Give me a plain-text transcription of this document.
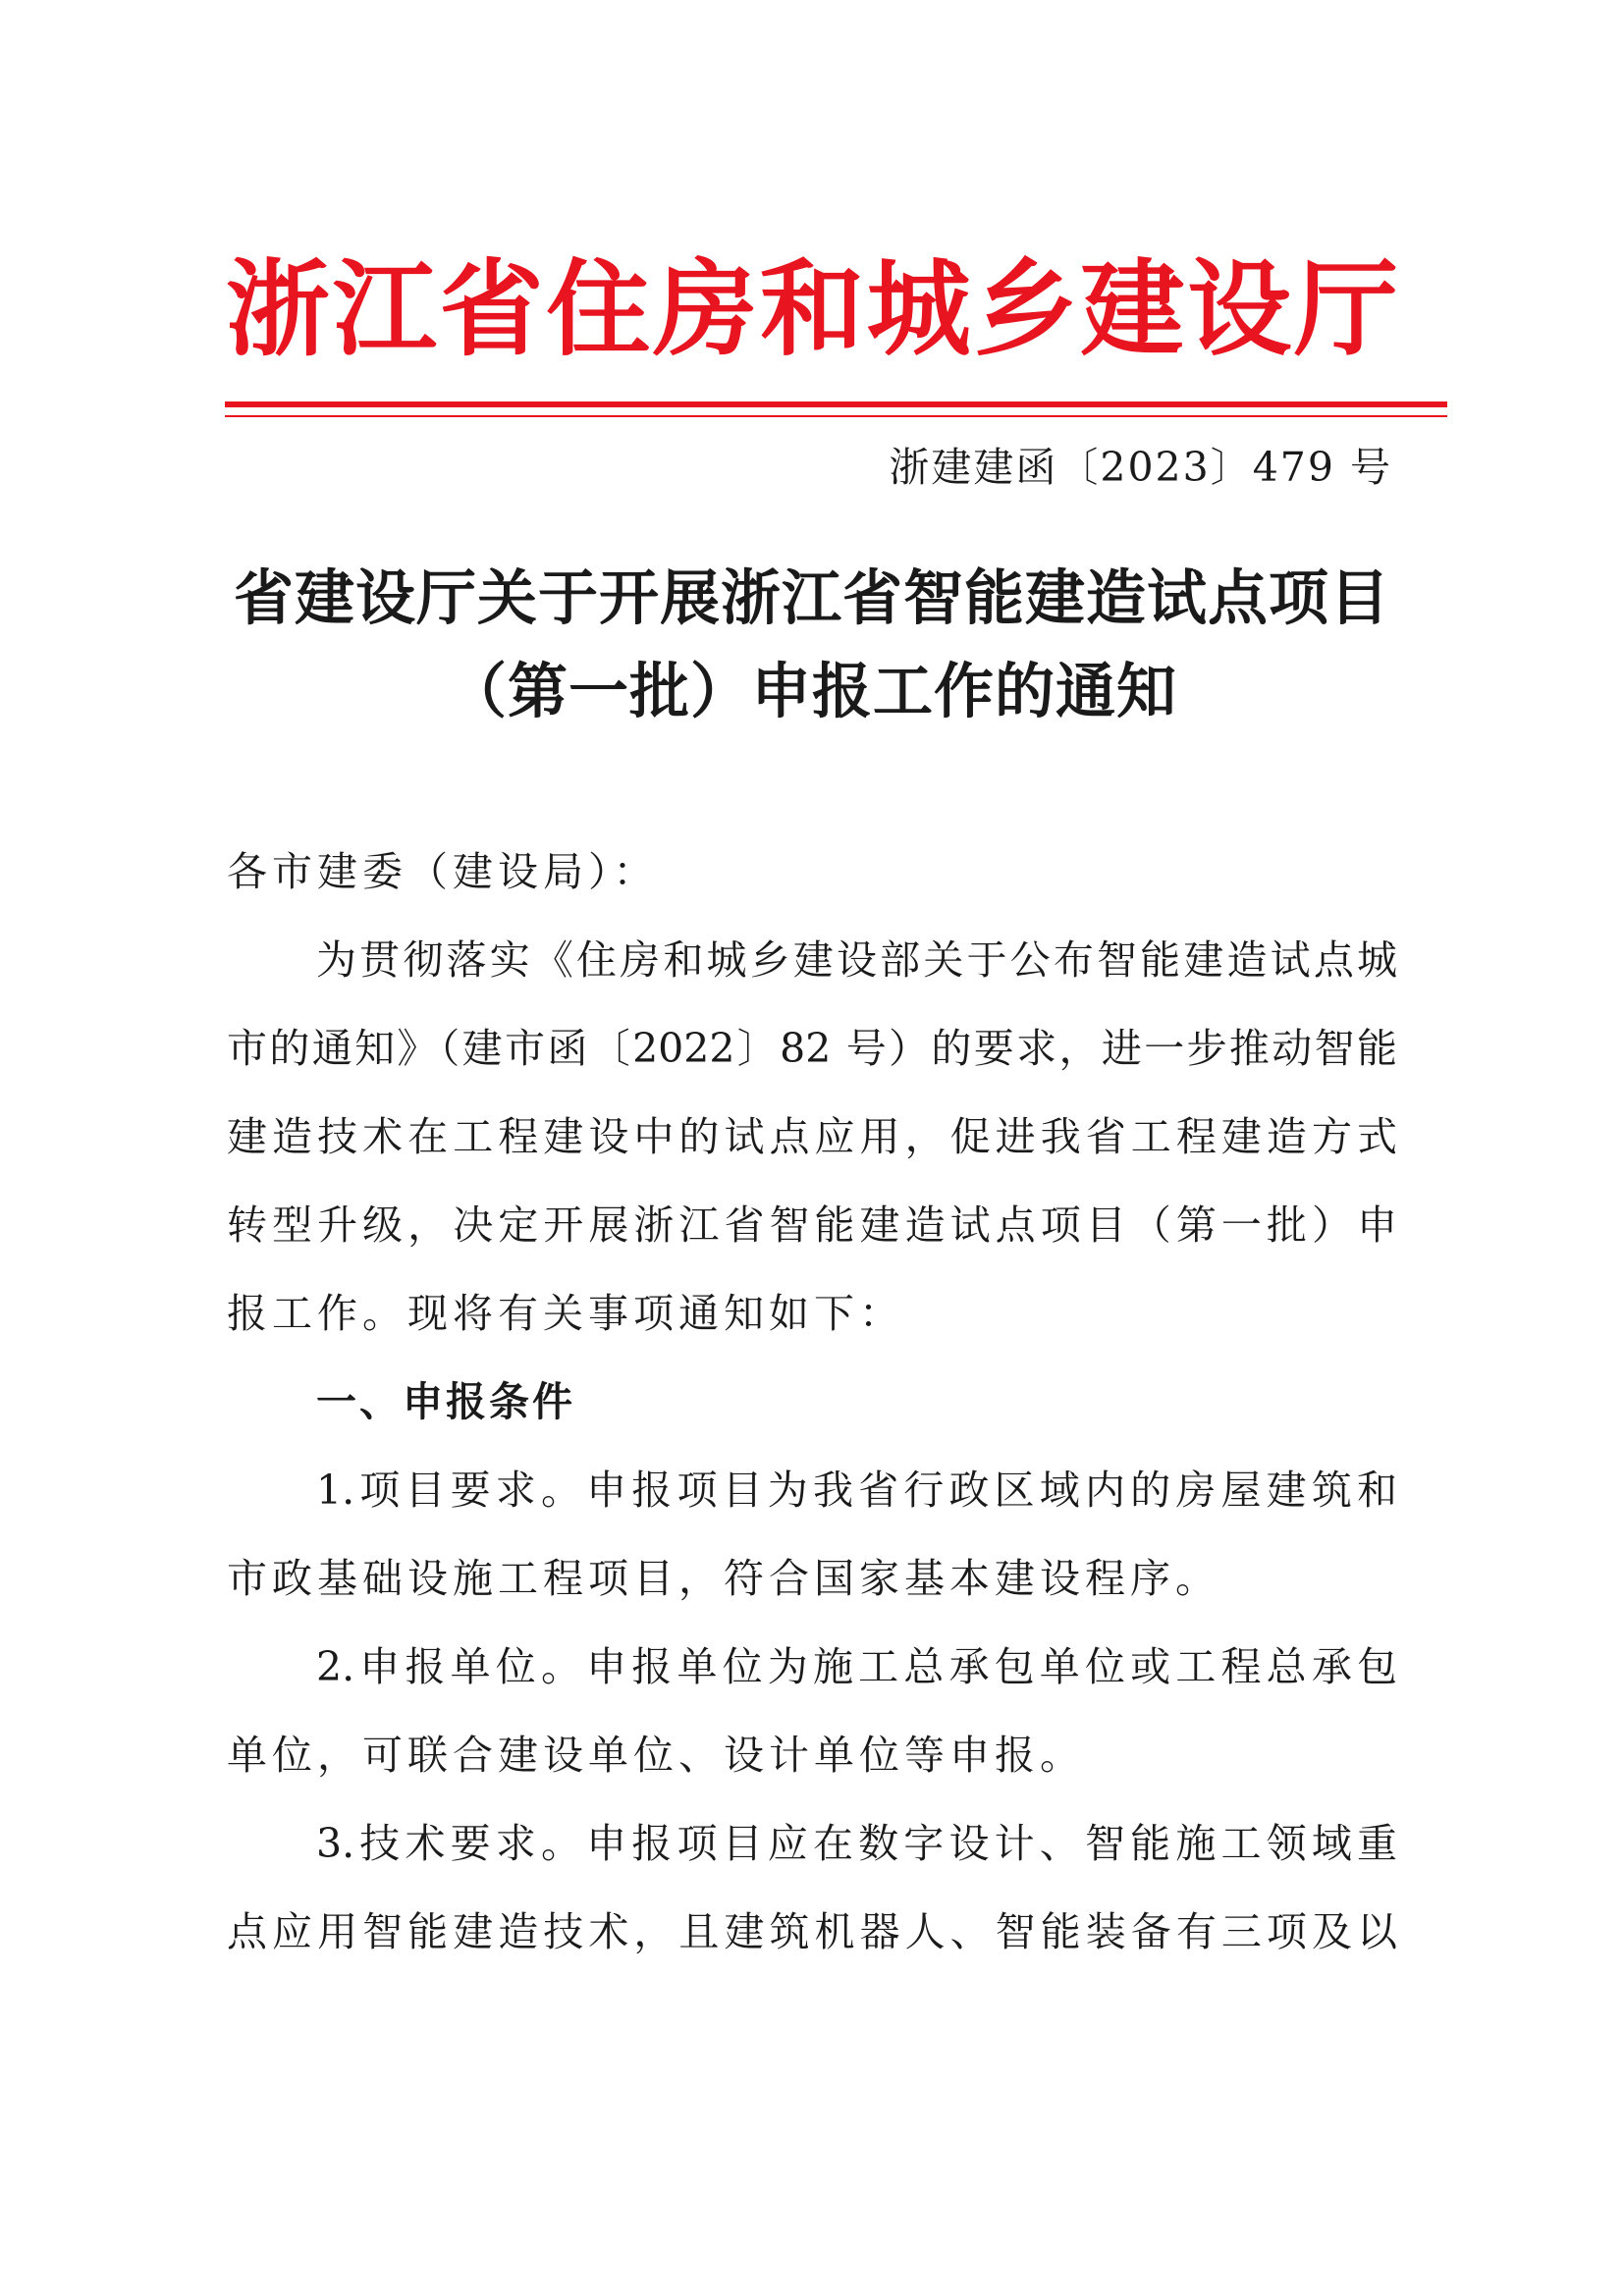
浙江省住房和城乡建设厅
浙建建函〔2023〕479 号
省建设厅关于开展浙江省智能建造试点项目
（第一批）申报工作的通知
各市建委（建设局）：
为贯彻落实《住房和城乡建设部关于公布智能建造试点城
市的通知》（建市函〔2022〕82 号）的要求，进一步推动智能
建造技术在工程建设中的试点应用，促进我省工程建造方式
转型升级，决定开展浙江省智能建造试点项目（第一批）申
报工作。现将有关事项通知如下：
一、申报条件
1.项目要求。申报项目为我省行政区域内的房屋建筑和
市政基础设施工程项目，符合国家基本建设程序。
2.申报单位。申报单位为施工总承包单位或工程总承包
单位，可联合建设单位、设计单位等申报。
3.技术要求。申报项目应在数字设计、智能施工领域重
点应用智能建造技术，且建筑机器人、智能装备有三项及以
